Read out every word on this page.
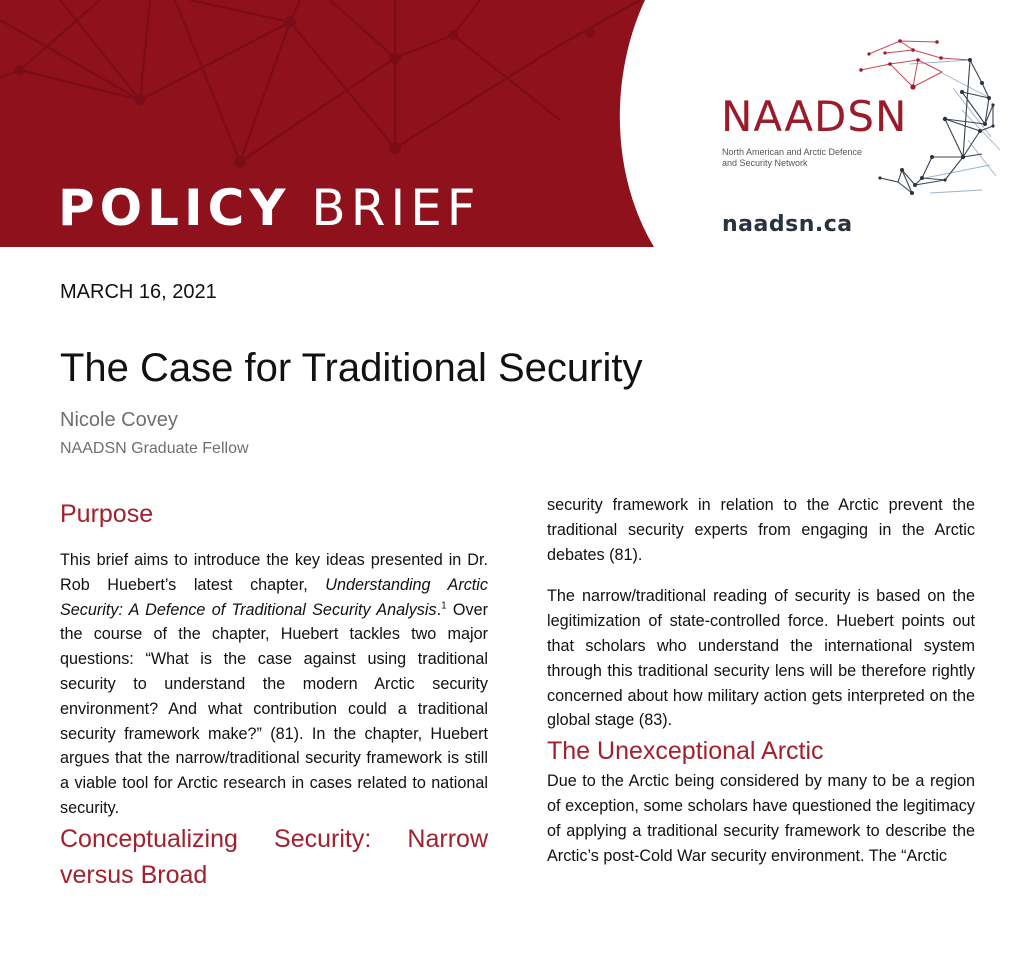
POLICY BRIEF
NAADSN
North American and Arctic Defence
and Security Network
naadsn.ca
MARCH 16, 2021
The Case for Traditional Security
Nicole Covey
NAADSN Graduate Fellow
Purpose

This brief aims to introduce the key ideas presented in Dr. Rob Huebert’s latest chapter, Understanding Arctic Security: A Defence of Traditional Security Analysis.$^1$ Over the course of the chapter, Huebert tackles two major questions: “What is the case against using traditional security to understand the modern Arctic security environment? And what contribution could a traditional security framework make?” (81). In the chapter, Huebert argues that the narrow/traditional security framework is still a viable tool for Arctic research in cases related to national security.

Conceptualizing Security: Narrow versus Broad

security framework in relation to the Arctic prevent the traditional security experts from engaging in the Arctic debates (81).

The narrow/traditional reading of security is based on the legitimization of state-controlled force. Huebert points out that scholars who understand the international system through this traditional security lens will be therefore rightly concerned about how military action gets interpreted on the global stage (83).

The Unexceptional Arctic

Due to the Arctic being considered by many to be a region of exception, some scholars have questioned the legitimacy of applying a traditional security framework to describe the Arctic’s post-Cold War security environment. The “Arctic
